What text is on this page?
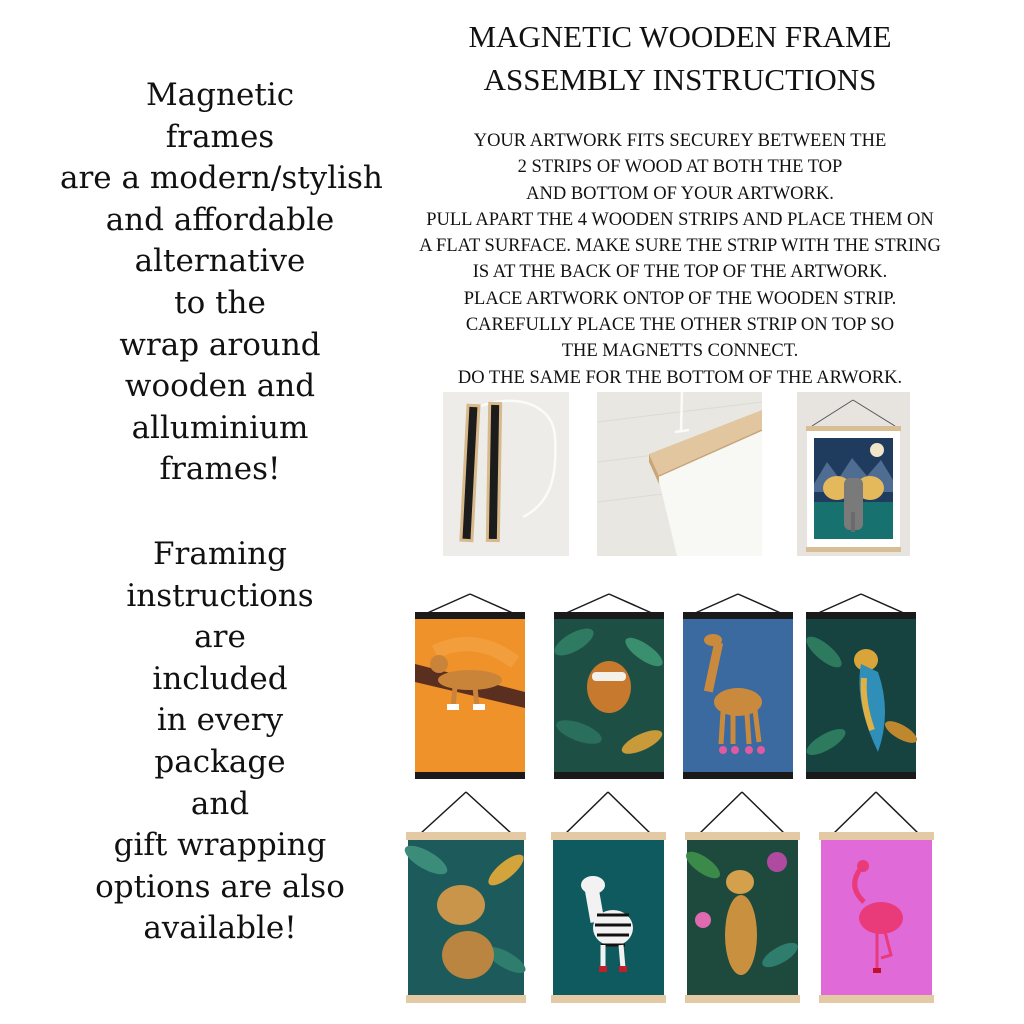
Magnetic
frames
are a modern/stylish
and affordable
alternative
to the
wrap around
wooden and
alluminium
frames!

Framing
instructions
are
included
in every
package
and
gift wrapping
options are also
available!

MAGNETIC WOODEN FRAME
ASSEMBLY INSTRUCTIONS

YOUR ARTWORK FITS SECUREY BETWEEN THE
2 STRIPS OF WOOD AT BOTH THE TOP
AND BOTTOM OF YOUR ARTWORK.
PULL APART THE 4 WOODEN STRIPS AND PLACE THEM ON
A FLAT SURFACE. MAKE SURE THE STRIP WITH THE STRING
IS AT THE BACK OF THE TOP OF THE ARTWORK.
PLACE ARTWORK ONTOP OF THE WOODEN STRIP.
CAREFULLY PLACE THE OTHER STRIP ON TOP SO
THE MAGNETTS CONNECT.
DO THE SAME FOR THE BOTTOM OF THE ARWORK.
